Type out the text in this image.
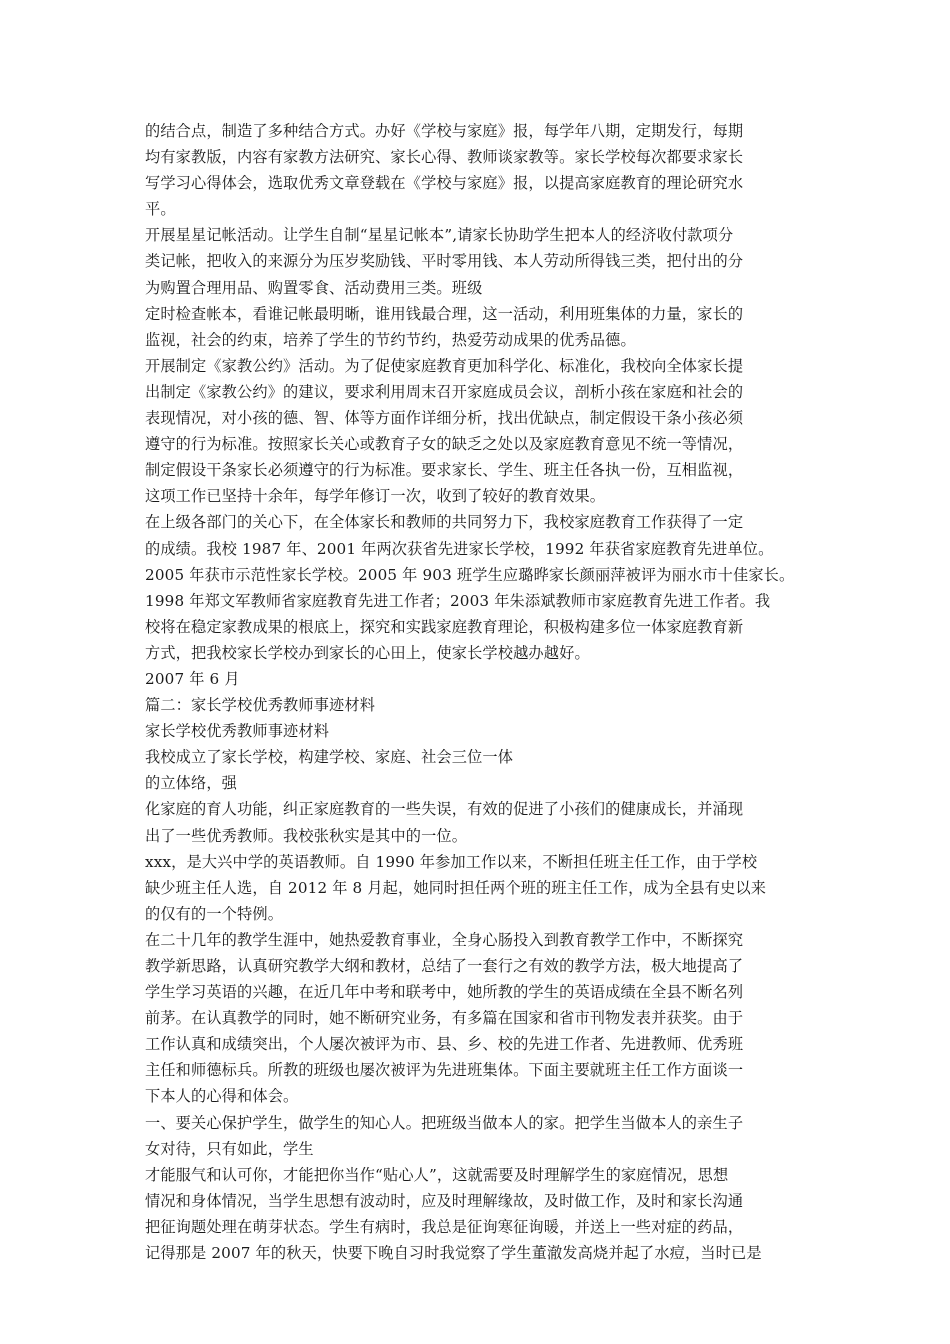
的结合点，制造了多种结合方式。办好《学校与家庭》报，每学年八期，定期发行，每期
均有家教版，内容有家教方法研究、家长心得、教师谈家教等。家长学校每次都要求家长
写学习心得体会，选取优秀文章登载在《学校与家庭》报，以提高家庭教育的理论研究水
平。
开展星星记帐活动。让学生自制“星星记帐本”,请家长协助学生把本人的经济收付款项分
类记帐，把收入的来源分为压岁奖励钱、平时零用钱、本人劳动所得钱三类，把付出的分
为购置合理用品、购置零食、活动费用三类。班级
定时检查帐本，看谁记帐最明晰，谁用钱最合理，这一活动，利用班集体的力量，家长的
监视，社会的约束，培养了学生的节约节约，热爱劳动成果的优秀品德。
开展制定《家教公约》活动。为了促使家庭教育更加科学化、标准化，我校向全体家长提
出制定《家教公约》的建议，要求利用周末召开家庭成员会议，剖析小孩在家庭和社会的
表现情况，对小孩的德、智、体等方面作详细分析，找出优缺点，制定假设干条小孩必须
遵守的行为标准。按照家长关心或教育子女的缺乏之处以及家庭教育意见不统一等情况，
制定假设干条家长必须遵守的行为标准。要求家长、学生、班主任各执一份，互相监视，
这项工作已坚持十余年，每学年修订一次，收到了较好的教育效果。
在上级各部门的关心下，在全体家长和教师的共同努力下，我校家庭教育工作获得了一定
的成绩。我校 1987 年、2001 年两次获省先进家长学校，1992 年获省家庭教育先进单位。
2005 年获市示范性家长学校。2005 年 903 班学生应璐晔家长颜丽萍被评为丽水市十佳家长。
1998 年郑文军教师省家庭教育先进工作者；2003 年朱添斌教师市家庭教育先进工作者。我
校将在稳定家教成果的根底上，探究和实践家庭教育理论，积极构建多位一体家庭教育新
方式，把我校家长学校办到家长的心田上，使家长学校越办越好。
2007 年 6 月
篇二：家长学校优秀教师事迹材料
家长学校优秀教师事迹材料
我校成立了家长学校，构建学校、家庭、社会三位一体
的立体络，强
化家庭的育人功能，纠正家庭教育的一些失误，有效的促进了小孩们的健康成长，并涌现
出了一些优秀教师。我校张秋实是其中的一位。
xxx，是大兴中学的英语教师。自 1990 年参加工作以来，不断担任班主任工作，由于学校
缺少班主任人选，自 2012 年 8 月起，她同时担任两个班的班主任工作，成为全县有史以来
的仅有的一个特例。
在二十几年的教学生涯中，她热爱教育事业，全身心肠投入到教育教学工作中，不断探究
教学新思路，认真研究教学大纲和教材，总结了一套行之有效的教学方法，极大地提高了
学生学习英语的兴趣，在近几年中考和联考中，她所教的学生的英语成绩在全县不断名列
前茅。在认真教学的同时，她不断研究业务，有多篇在国家和省市刊物发表并获奖。由于
工作认真和成绩突出，个人屡次被评为市、县、乡、校的先进工作者、先进教师、优秀班
主任和师德标兵。所教的班级也屡次被评为先进班集体。下面主要就班主任工作方面谈一
下本人的心得和体会。
一、要关心保护学生，做学生的知心人。把班级当做本人的家。把学生当做本人的亲生子
女对待，只有如此，学生
才能服气和认可你，才能把你当作“贴心人”，这就需要及时理解学生的家庭情况，思想
情况和身体情况，当学生思想有波动时，应及时理解缘故，及时做工作，及时和家长沟通
把征询题处理在萌芽状态。学生有病时，我总是征询寒征询暖，并送上一些对症的药品，
记得那是 2007 年的秋天，快要下晚自习时我觉察了学生董澈发高烧并起了水痘，当时已是
